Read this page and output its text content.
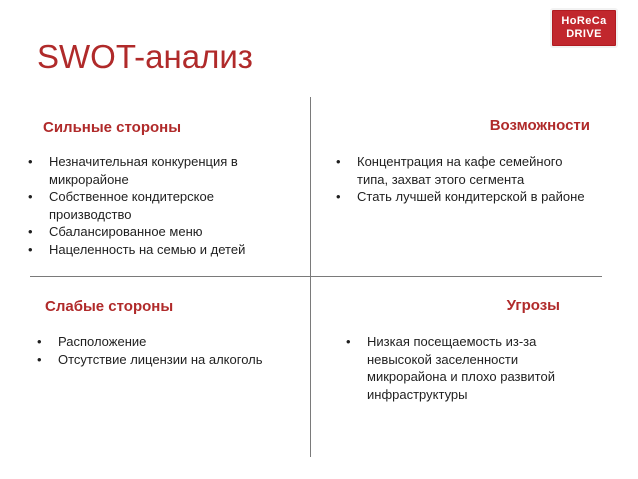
HoReCa
DRIVE
SWOT-анализ
Сильные стороны
• Незначительная конкуренция в микрорайоне
• Собственное кондитерское производство
• Сбалансированное меню
• Нацеленность на семью и детей
Возможности
• Концентрация на кафе семейного типа, захват этого сегмента
• Стать лучшей кондитерской в районе
Слабые стороны
• Расположение
• Отсутствие лицензии на алкоголь
Угрозы
• Низкая посещаемость из-за невысокой заселенности микрорайона и плохо развитой инфраструктуры
